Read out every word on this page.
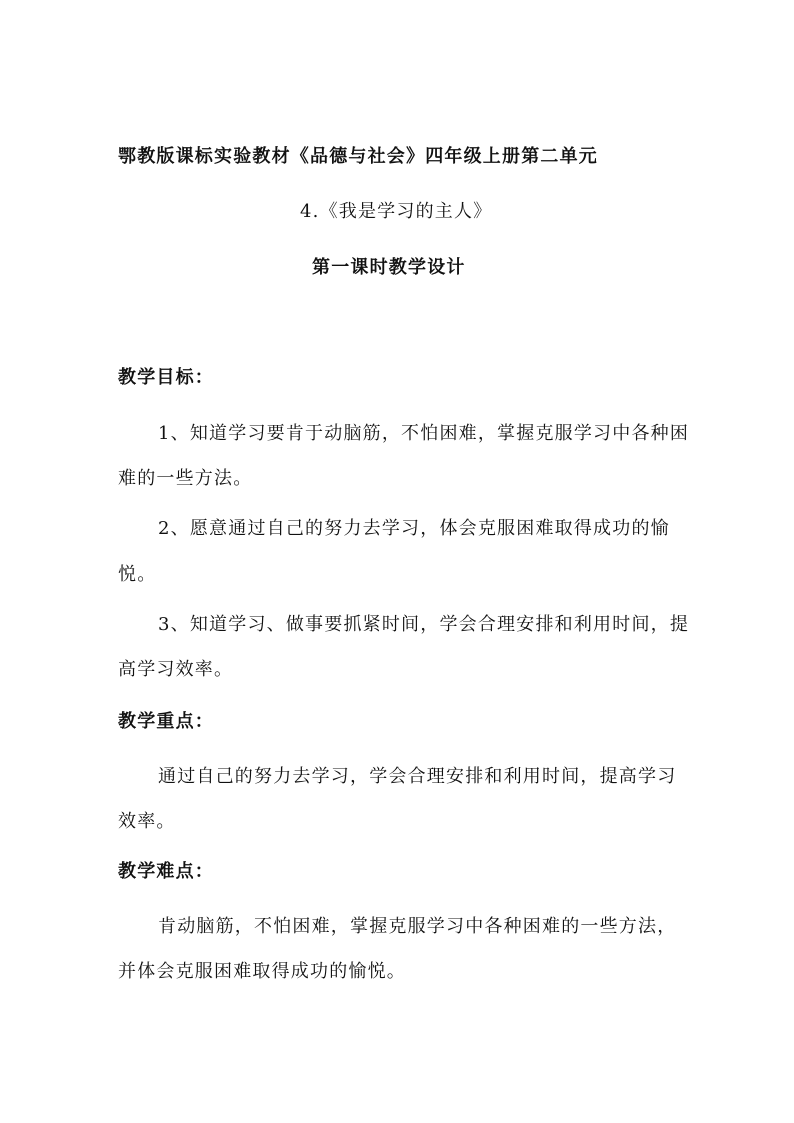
鄂教版课标实验教材《品德与社会》四年级上册第二单元
4.《我是学习的主人》
第一课时教学设计
教学目标：
1、知道学习要肯于动脑筋，不怕困难，掌握克服学习中各种困
难的一些方法。
2、愿意通过自己的努力去学习，体会克服困难取得成功的愉
悦。
3、知道学习、做事要抓紧时间，学会合理安排和利用时间，提
高学习效率。
教学重点：
通过自己的努力去学习，学会合理安排和利用时间，提高学习
效率。
教学难点：
肯动脑筋，不怕困难，掌握克服学习中各种困难的一些方法，
并体会克服困难取得成功的愉悦。
